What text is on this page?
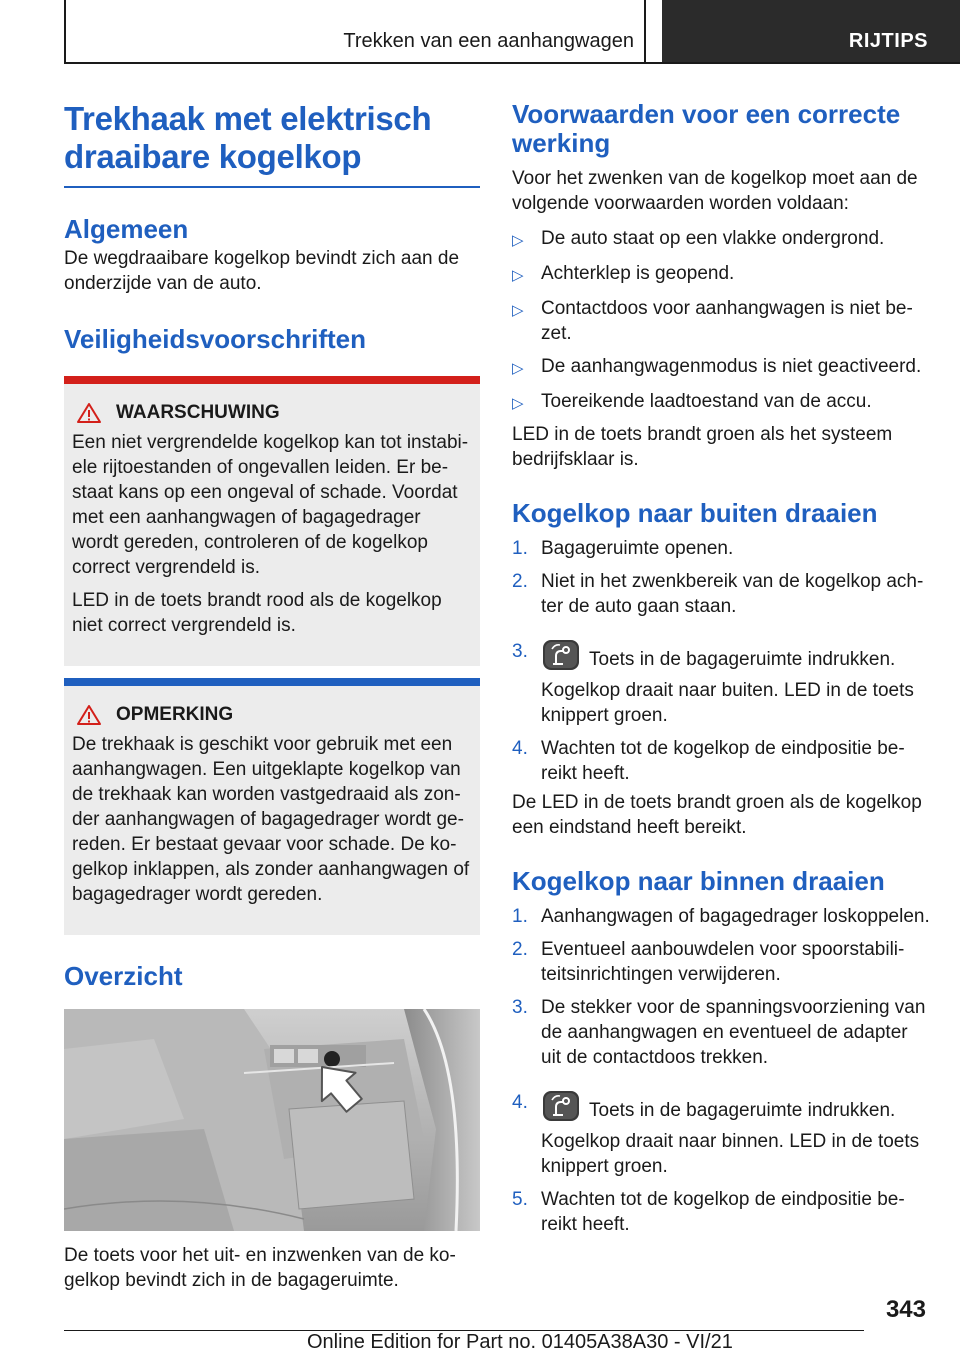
Trekken van een aanhangwagen	RIJTIPS
Trekhaak met elektrisch
draaibare kogelkop
Algemeen

De wegdraaibare kogelkop bevindt zich aan de onderzijde van de auto.

Veiligheidsvoorschriften
WAARSCHUWING

Een niet vergrendelde kogelkop kan tot instabiele rijtoestanden of ongevallen leiden. Er bestaat kans op een ongeval of schade. Voordat met een aanhangwagen of bagagedrager wordt gereden, controleren of de kogelkop correct vergrendeld is.

LED in de toets brandt rood als de kogelkop niet correct vergrendeld is.

OPMERKING

De trekhaak is geschikt voor gebruik met een aanhangwagen. Een uitgeklapte kogelkop van de trekhaak kan worden vastgedraaid als zonder aanhangwagen of bagagedrager wordt gereden. Er bestaat gevaar voor schade. De kogelkop inklappen, als zonder aanhangwagen of bagagedrager wordt gereden.

Overzicht

De toets voor het uit- en inzwenken van de kogelkop bevindt zich in de bagageruimte.

Voorwaarden voor een correcte werking

Voor het zwenken van de kogelkop moet aan de volgende voorwaarden worden voldaan:

▷ De auto staat op een vlakke ondergrond.
▷ Achterklep is geopend.
▷ Contactdoos voor aanhangwagen is niet bezet.
▷ De aanhangwagenmodus is niet geactiveerd.
▷ Toereikende laadtoestand van de accu.

LED in de toets brandt groen als het systeem bedrijfsklaar is.

Kogelkop naar buiten draaien
1. Bagageruimte openen.
2. Niet in het zwenkbereik van de kogelkop achter de auto gaan staan.
3.	Toets in de bagageruimte indrukken.

Kogelkop draait naar buiten. LED in de toets knippert groen.

4. Wachten tot de kogelkop de eindpositie bereikt heeft.

De LED in de toets brandt groen als de kogelkop een eindstand heeft bereikt.

Kogelkop naar binnen draaien
1. Aanhangwagen of bagagedrager loskoppelen.
2. Eventueel aanbouwdelen voor spoorstabiliteitsinrichtingen verwijderen.
3. De stekker voor de spanningsvoorziening van de aanhangwagen en eventueel de adapter uit de contactdoos trekken.
4.	Toets in de bagageruimte indrukken.

Kogelkop draait naar binnen. LED in de toets knippert groen.

5. Wachten tot de kogelkop de eindpositie bereikt heeft.
343
Online Edition for Part no. 01405A38A30 - VI/21
